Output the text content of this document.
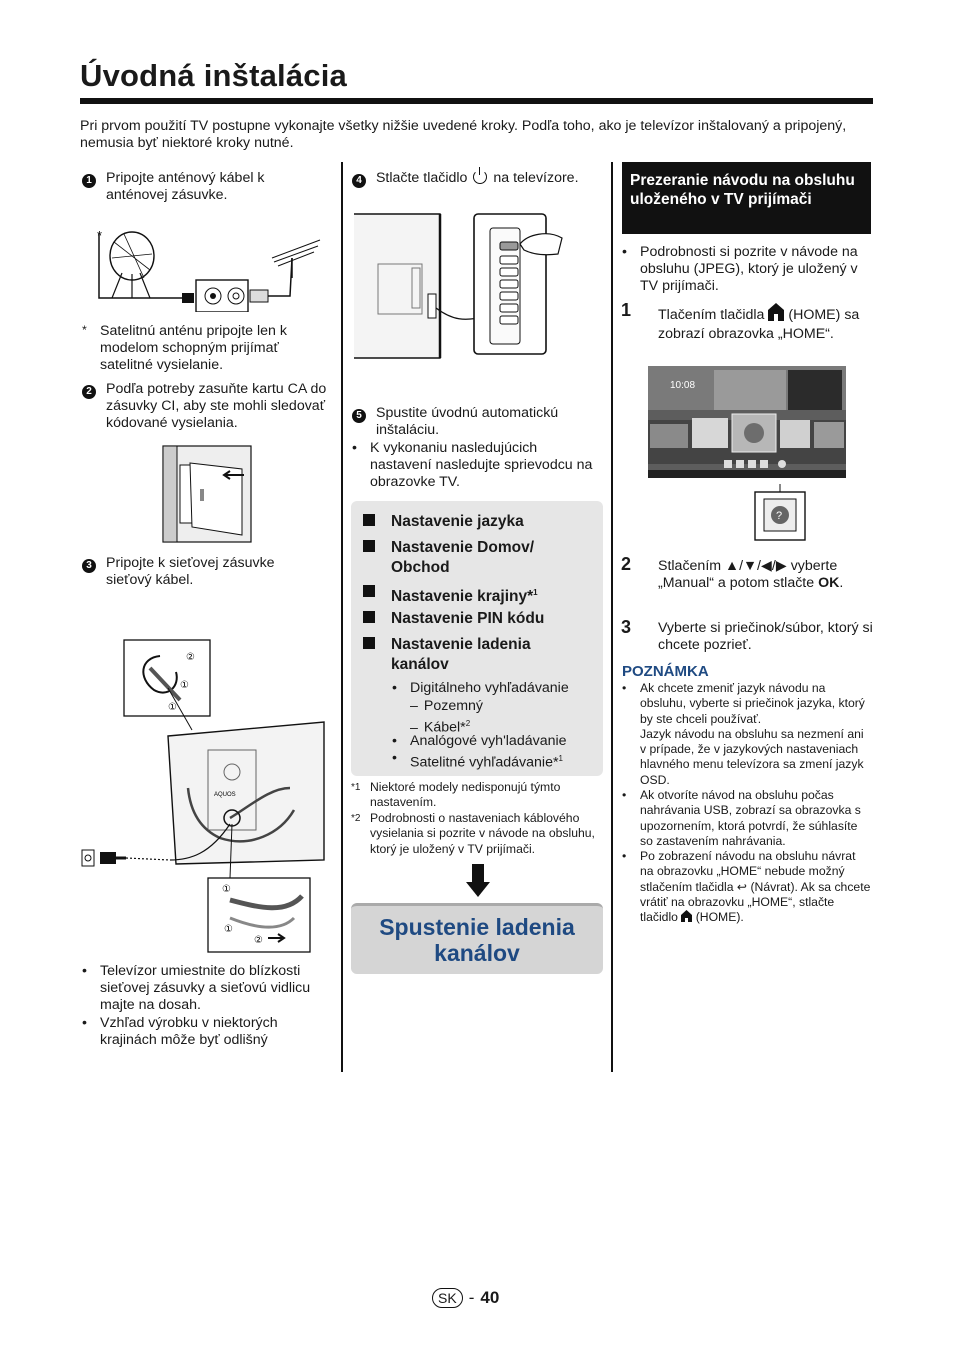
Úvodná inštalácia
Pri prvom použití TV postupne vykonajte všetky nižšie uvedené kroky. Podľa toho, ako je televízor inštalovaný a pripojený, nemusia byť niektoré kroky nutné.
1 Pripojte anténový kábel k anténovej zásuvke.
*
* Satelitnú anténu pripojte len k modelom schopným prijímať satelitné vysielanie.
2 Podľa potreby zasuňte kartu CA do zásuvky CI, aby ste mohli sledovať kódované vysielania.
3 Pripojte k sieťovej zásuvke sieťový kábel.
②
①
①
AQUOS
①
①
②
• Televízor umiestnite do blízkosti sieťovej zásuvky a sieťovú vidlicu majte na dosah.
• Vzhľad výrobku v niektorých krajinách môže byť odlišný
4 Stlačte tlačidlo na televízore.
5 Spustite úvodnú automatickú inštaláciu.
• K vykonaniu nasledujúcich nastavení nasledujte sprievodcu na obrazovke TV.
Nastavenie jazyka
Nastavenie Domov/ Obchod
Nastavenie krajiny*$^1$
Nastavenie PIN kódu
Nastavenie ladenia kanálov
• Digitálneho vyhľadávanie
– Pozemný
– Kábel*$^2$
• Analógové vyh'ladávanie
• Satelitné vyhľadávanie*$^1$
*1 Niektoré modely nedisponujú týmto nastavením.
*2 Podrobnosti o nastaveniach káblového vysielania si pozrite v návode na obsluhu, ktorý je uložený v TV prijímači.
Spustenie ladenia kanálov
Prezeranie návodu na obsluhu uloženého v TV prijímači
• Podrobnosti si pozrite v návode na obsluhu (JPEG), ktorý je uložený v TV prijímači.
1 Tlačením tlačidla (HOME) sa zobrazí obrazovka „HOME“.
10:08
?
2 Stlačením ▲/▼/◀/▶ vyberte „Manual“ a potom stlačte OK.
3 Vyberte si priečinok/súbor, ktorý si chcete pozrieť.
POZNÁMKA
• Ak chcete zmeniť jazyk návodu na obsluhu, vyberte si priečinok jazyka, ktorý by ste chceli používať.
Jazyk návodu na obsluhu sa nezmení ani v prípade, že v jazykových nastaveniach hlavného menu televízora sa zmení jazyk OSD.
• Ak otvoríte návod na obsluhu počas nahrávania USB, zobrazí sa obrazovka s upozornením, ktorá potvrdí, že súhlasíte so zastavením nahrávania.
• Po zobrazení návodu na obsluhu návrat na obrazovku „HOME“ nebude možný stlačením tlačidla ↩ (Návrat). Ak sa chcete vrátiť na obrazovku „HOME“, stlačte tlačidlo (HOME).
SK - 40
